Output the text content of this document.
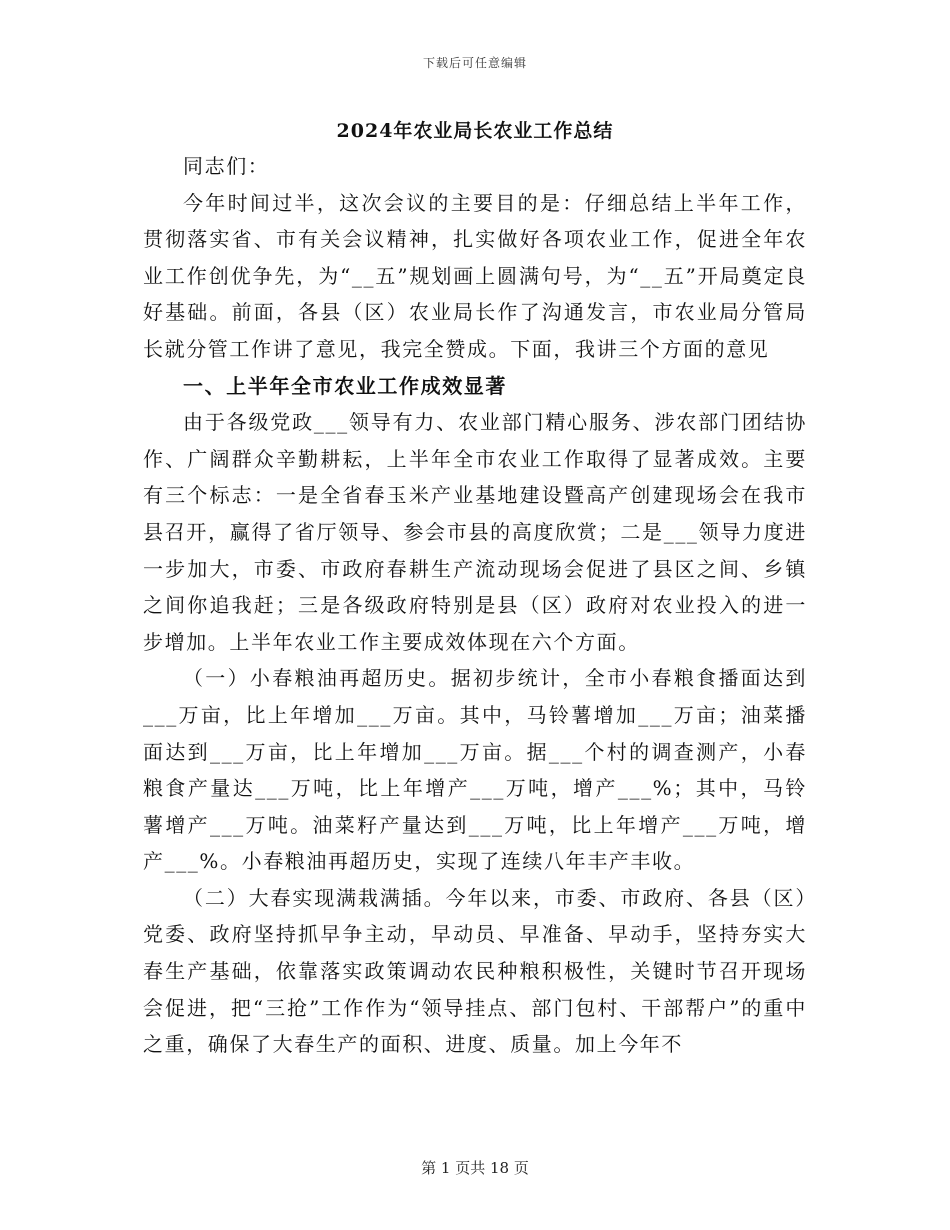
下载后可任意编辑
2024年农业局长农业工作总结

同志们：

今年时间过半，这次会议的主要目的是：仔细总结上半年工作，贯彻落实省、市有关会议精神，扎实做好各项农业工作，促进全年农业工作创优争先，为“__五”规划画上圆满句号，为“__五”开局奠定良好基础。前面，各县（区）农业局长作了沟通发言，市农业局分管局长就分管工作讲了意见，我完全赞成。下面，我讲三个方面的意见

一、上半年全市农业工作成效显著

由于各级党政___领导有力、农业部门精心服务、涉农部门团结协作、广阔群众辛勤耕耘，上半年全市农业工作取得了显著成效。主要有三个标志：一是全省春玉米产业基地建设暨高产创建现场会在我市县召开，赢得了省厅领导、参会市县的高度欣赏；二是___领导力度进一步加大，市委、市政府春耕生产流动现场会促进了县区之间、乡镇之间你追我赶；三是各级政府特别是县（区）政府对农业投入的进一步增加。上半年农业工作主要成效体现在六个方面。

（一）小春粮油再超历史。据初步统计，全市小春粮食播面达到___万亩，比上年增加___万亩。其中，马铃薯增加___万亩；油菜播面达到___万亩，比上年增加___万亩。据___个村的调查测产，小春粮食产量达___万吨，比上年增产___万吨，增产___%；其中，马铃薯增产___万吨。油菜籽产量达到___万吨，比上年增产___万吨，增产___%。小春粮油再超历史，实现了连续八年丰产丰收。

（二）大春实现满栽满插。今年以来，市委、市政府、各县（区）党委、政府坚持抓早争主动，早动员、早准备、早动手，坚持夯实大春生产基础，依靠落实政策调动农民种粮积极性，关键时节召开现场会促进，把“三抢”工作作为“领导挂点、部门包村、干部帮户”的重中之重，确保了大春生产的面积、进度、质量。加上今年不

第 1 页共 18 页
